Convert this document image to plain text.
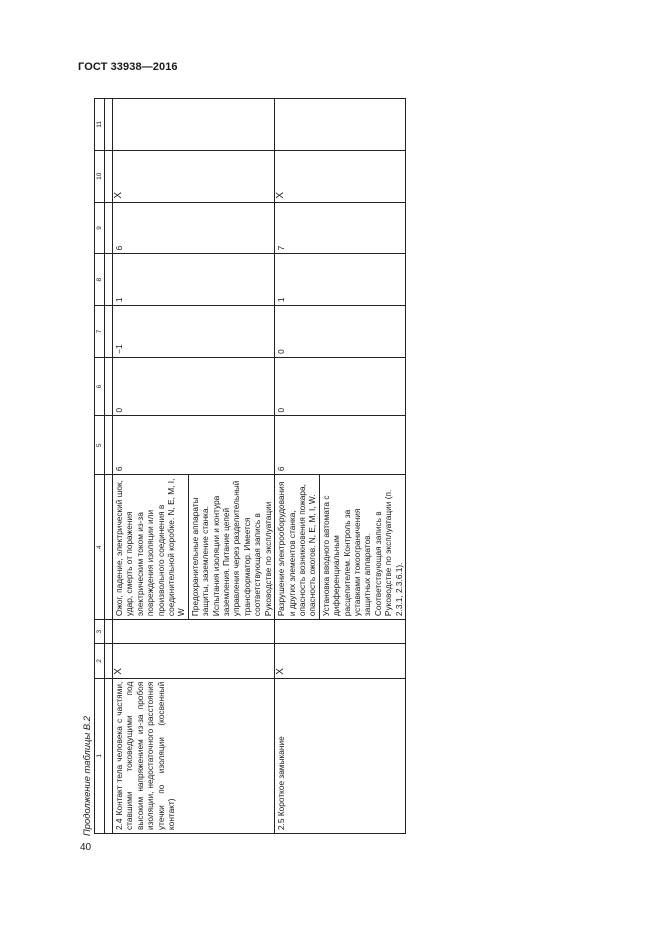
ГОСТ 33938—2016
Продолжение таблицы В.2 1	2	3	4	5	6	7	8	9	10	11

2.4 Контакт тела человека с частями, ставшими токоведущими под высоким напряжением из-за пробоя изоляции, недостаточного расстояния утечки по изоляции (косвенный контакт)	X		Ожог, падение, электрический шок, удар, смерть от поражения электрическим током из-за повреждения изоляции или произвольного соединения в соединительной коробке. N, E, M, I, W	6	0	−1	1	6	X	
			Предохранительные аппараты защиты, заземление станка. Испытания изоляции и контура заземления. Питание цепей управления через разделительный трансформатор. Имеется соответствующая запись в Руководстве по эксплуатации							
2.5 Короткое замыкание	X		Разрушение электрооборудования и других элементов станка, опасность возникновения пожара, опасность ожогов. N, E, M, I, W.	6	0	0	1	7	X	
			Установка вводного автомата с дифференциальным расцепителем. Контроль за уставками токоограничения защитных аппаратов. Соответствующая запись в Руководстве по эксплуатации (п. 2.3.1, 2.3.6.1).							
40
